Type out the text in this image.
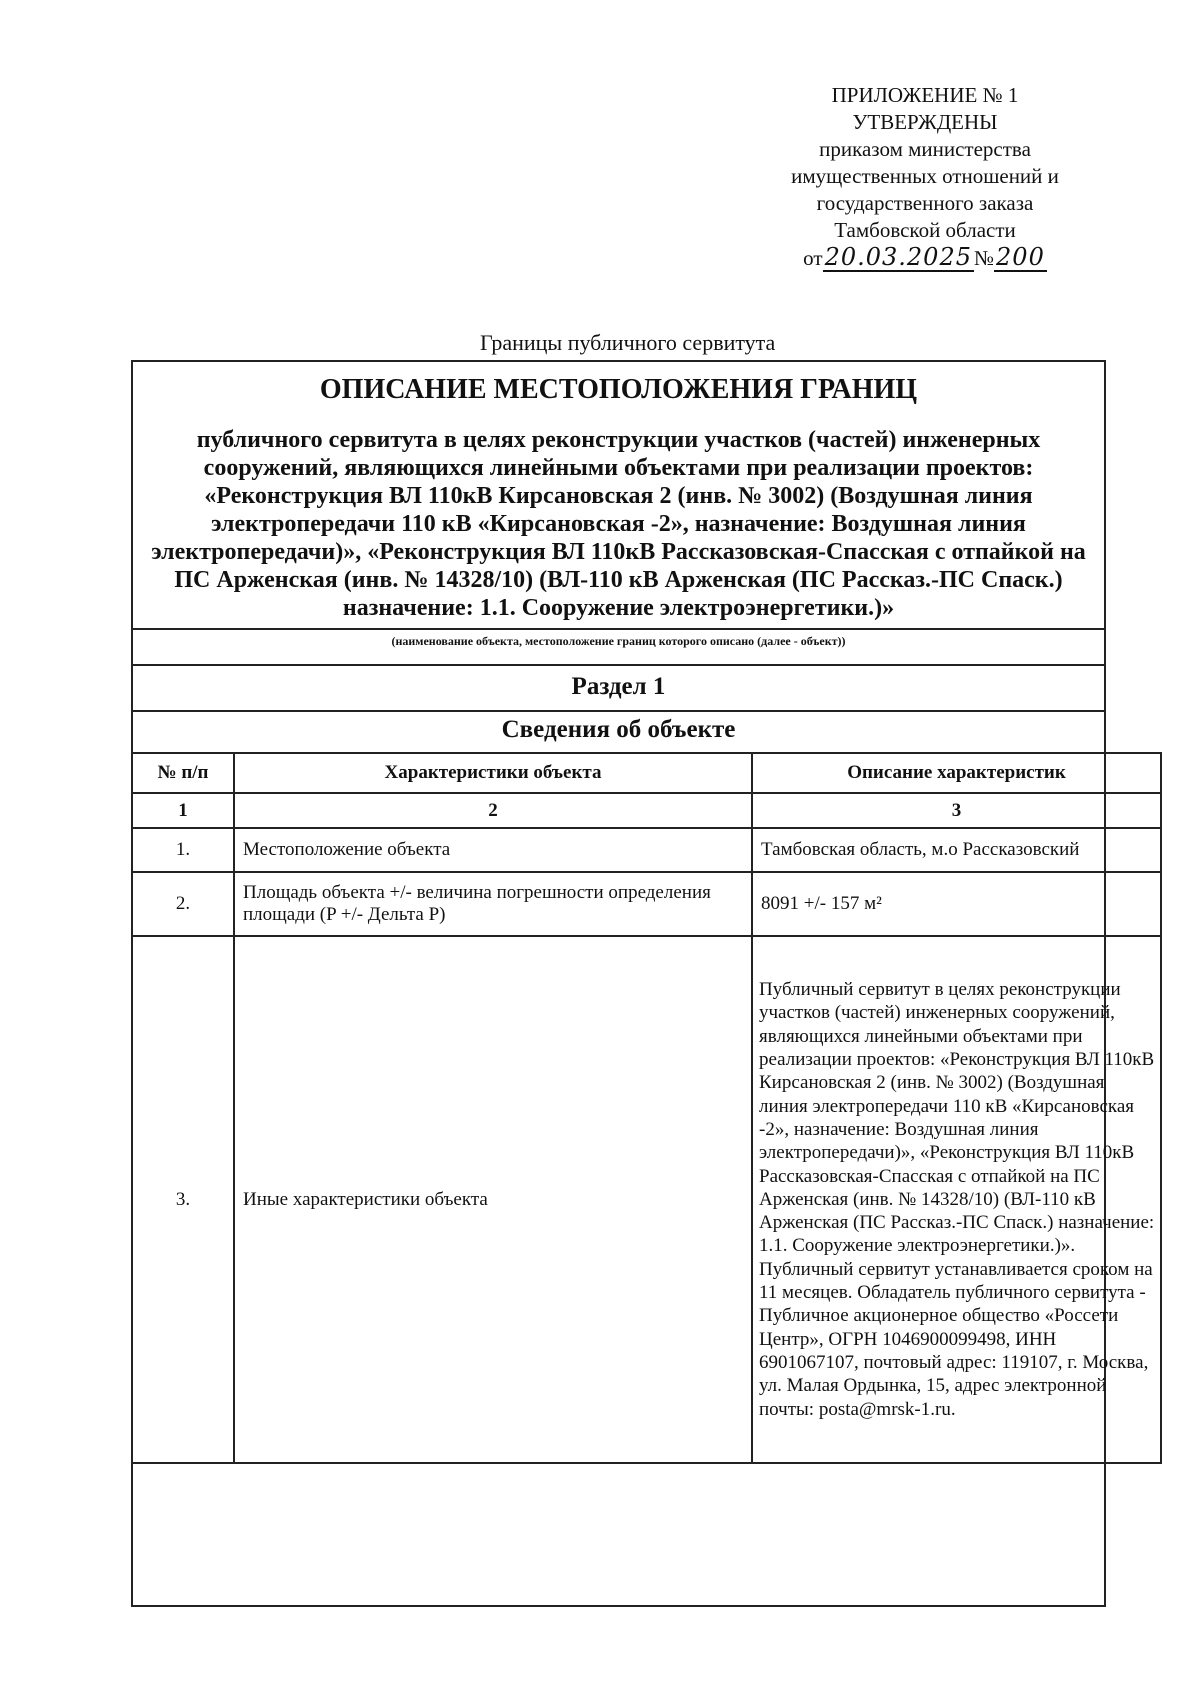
ПРИЛОЖЕНИЕ № 1
УТВЕРЖДЕНЫ
приказом министерства
имущественных отношений и
государственного заказа
Тамбовской области
от20.03.2025№200
Границы публичного сервитута
ОПИСАНИЕ МЕСТОПОЛОЖЕНИЯ ГРАНИЦ
публичного сервитута в целях реконструкции участков (частей) инженерных сооружений, являющихся линейными объектами при реализации проектов: «Реконструкция ВЛ 110кВ Кирсановская 2 (инв. № 3002) (Воздушная линия электропередачи 110 кВ «Кирсановская -2», назначение: Воздушная линия электропередачи)», «Реконструкция ВЛ 110кВ Рассказовская-Спасская с отпайкой на ПС Арженская (инв. № 14328/10) (ВЛ-110 кВ Арженская (ПС Рассказ.-ПС Спаск.) назначение: 1.1. Сооружение электроэнергетики.)»
(наименование объекта, местоположение границ которого описано (далее - объект))
Раздел 1
Сведения об объекте
№ п/п	Характеристики объекта	Описание характеристик
1	2	3
1.	Местоположение объекта	Тамбовская область, м.о Рассказовский
2.	Площадь объекта +/- величина погрешности определения площади (P +/- Дельта P)	8091 +/- 157 м²
3.	Иные характеристики объекта	Публичный сервитут в целях реконструкции участков (частей) инженерных сооружений, являющихся линейными объектами при реализации проектов: «Реконструкция ВЛ 110кВ Кирсановская 2 (инв. № 3002) (Воздушная линия электропередачи 110 кВ «Кирсановская -2», назначение: Воздушная линия электропередачи)», «Реконструкция ВЛ 110кВ Рассказовская-Спасская с отпайкой на ПС Арженская (инв. № 14328/10) (ВЛ-110 кВ Арженская (ПС Рассказ.-ПС Спаск.) назначение: 1.1. Сооружение электроэнергетики.)». Публичный сервитут устанавливается сроком на 11 месяцев. Обладатель публичного сервитута - Публичное акционерное общество «Россети Центр», ОГРН 1046900099498, ИНН 6901067107, почтовый адрес: 119107, г. Москва, ул. Малая Ордынка, 15, адрес электронной почты: posta@mrsk-1.ru.
